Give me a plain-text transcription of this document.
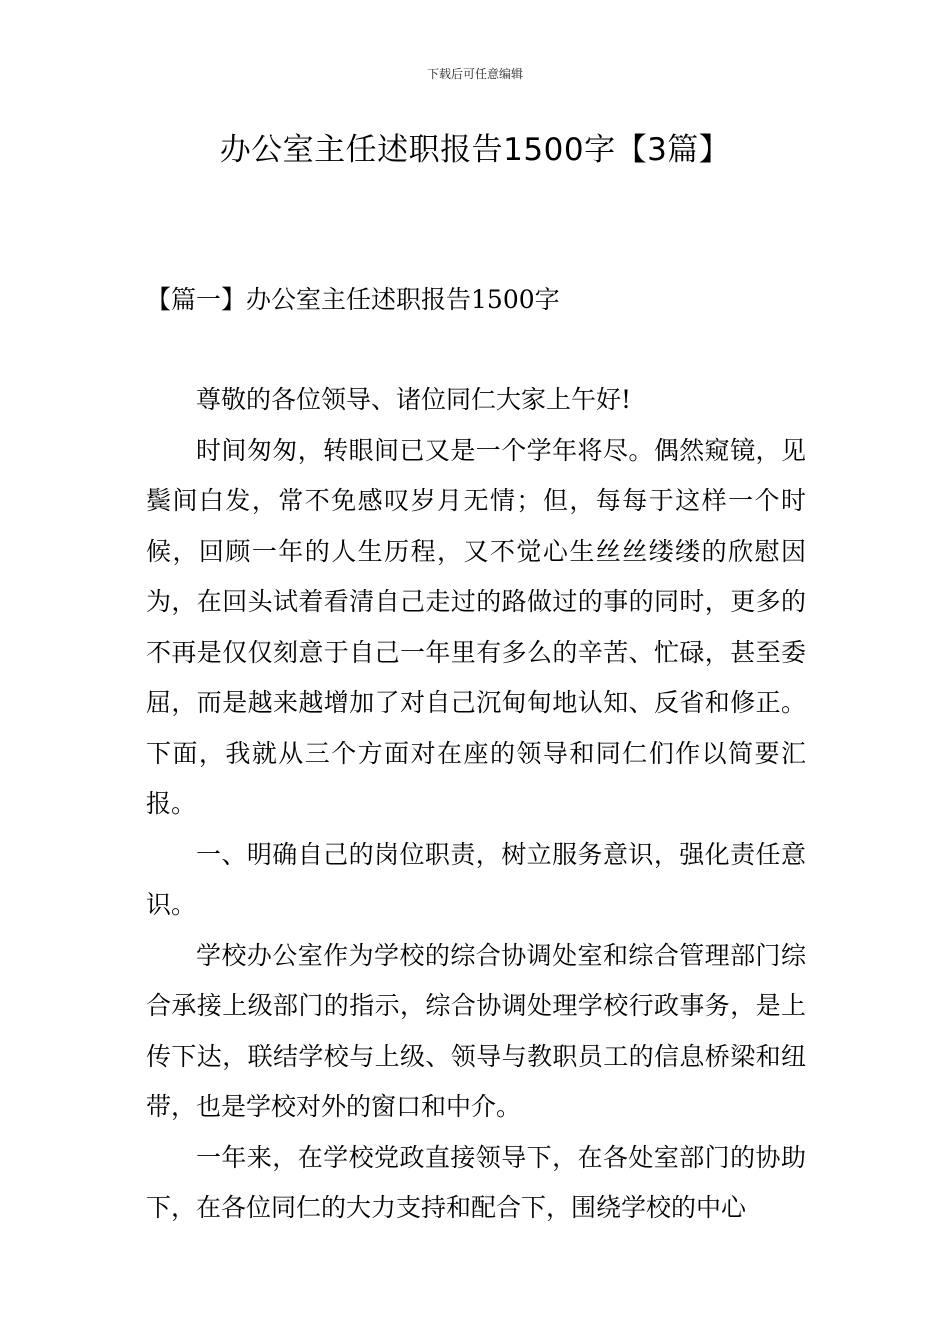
下载后可任意编辑
办公室主任述职报告1500字【3篇】
【篇一】办公室主任述职报告1500字

尊敬的各位领导、诸位同仁大家上午好!

时间匆匆，转眼间已又是一个学年将尽。偶然窥镜，见鬓间白发，常不免感叹岁月无情；但，每每于这样一个时候，回顾一年的人生历程，又不觉心生丝丝缕缕的欣慰因为，在回头试着看清自己走过的路做过的事的同时，更多的不再是仅仅刻意于自己一年里有多么的辛苦、忙碌，甚至委屈，而是越来越增加了对自己沉甸甸地认知、反省和修正。下面，我就从三个方面对在座的领导和同仁们作以简要汇报。

一、明确自己的岗位职责，树立服务意识，强化责任意识。

学校办公室作为学校的综合协调处室和综合管理部门综合承接上级部门的指示，综合协调处理学校行政事务，是上传下达，联结学校与上级、领导与教职员工的信息桥梁和纽带，也是学校对外的窗口和中介。

一年来，在学校党政直接领导下，在各处室部门的协助下，在各位同仁的大力支持和配合下，围绕学校的中心
